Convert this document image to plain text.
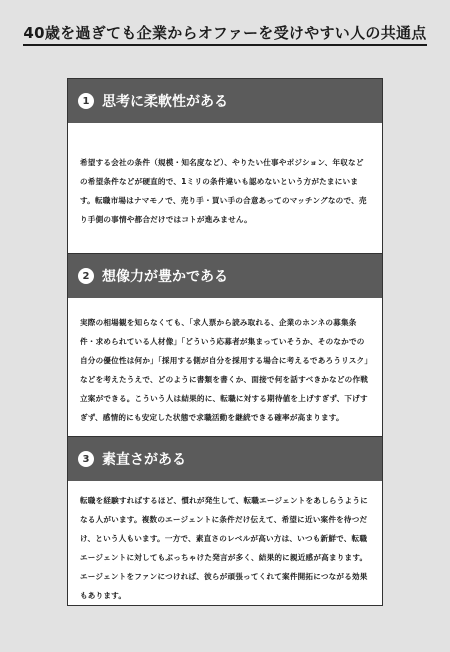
40歳を過ぎても企業からオファーを受けやすい人の共通点
1 思考に柔軟性がある
希望する会社の条件（規模・知名度など）、やりたい仕事やポジション、年収などの希望条件などが硬直的で、1ミリの条件違いも認めないという方がたまにいます。転職市場はナマモノで、売り手・買い手の合意あってのマッチングなので、売り手側の事情や都合だけではコトが進みません。
2 想像力が豊かである
実際の相場観を知らなくても、「求人票から読み取れる、企業のホンネの募集条件・求められている人材像」「どういう応募者が集まっていそうか、そのなかでの自分の優位性は何か」「採用する側が自分を採用する場合に考えるであろうリスク」などを考えたうえで、どのように書類を書くか、面接で何を話すべきかなどの作戦立案ができる。こういう人は結果的に、転職に対する期待値を上げすぎず、下げすぎず、感情的にも安定した状態で求職活動を継続できる確率が高まります。
3 素直さがある
転職を経験すればするほど、慣れが発生して、転職エージェントをあしらうようになる人がいます。複数のエージェントに条件だけ伝えて、希望に近い案件を待つだけ、という人もいます。一方で、素直さのレベルが高い方は、いつも新鮮で、転職エージェントに対してもぶっちゃけた発言が多く、結果的に親近感が高まります。エージェントをファンにつければ、彼らが頑張ってくれて案件開拓につながる効果もあります。
